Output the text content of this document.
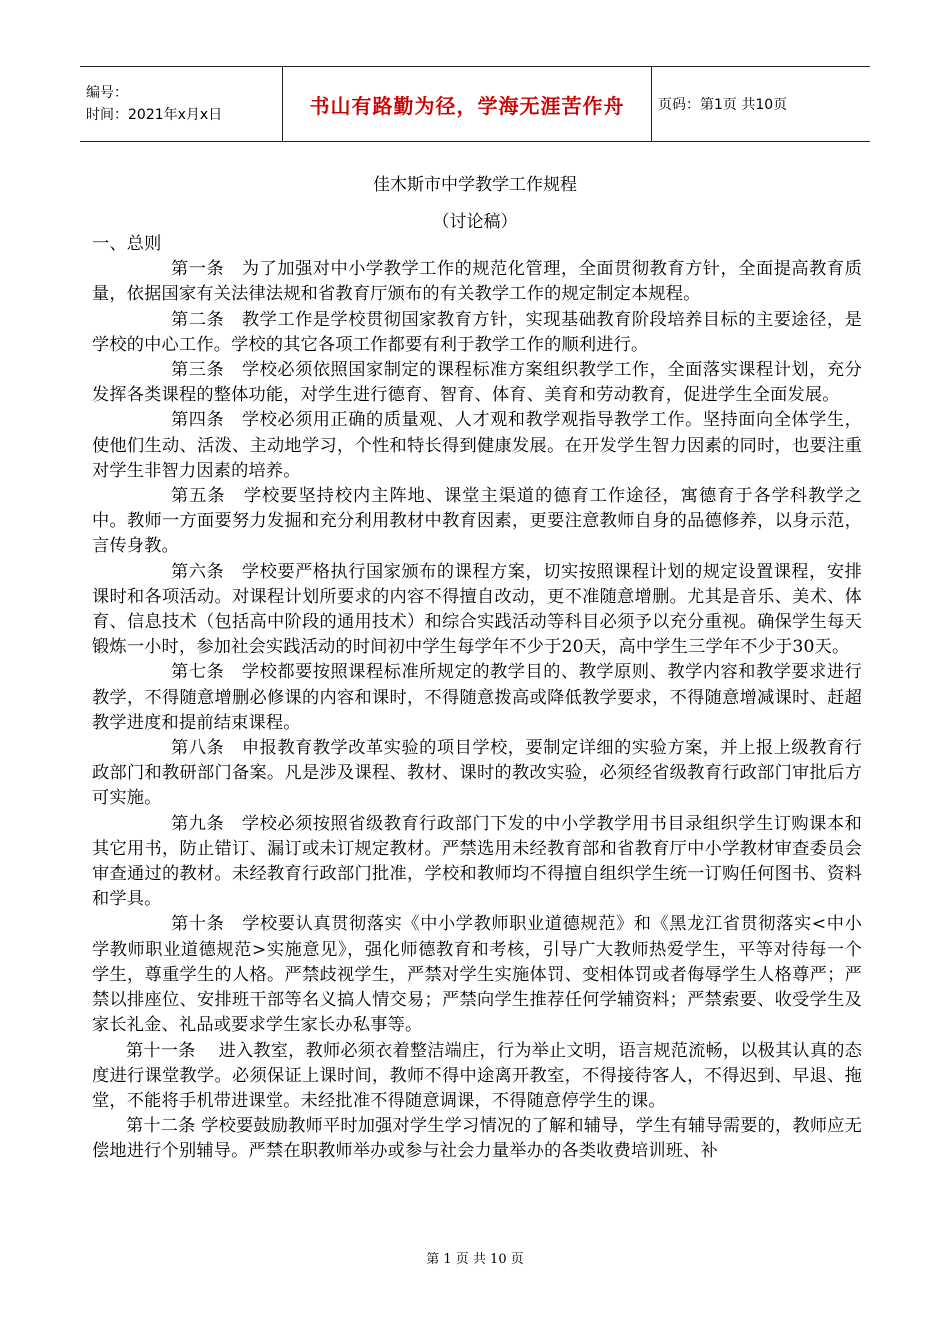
编号：
时间：2021年x月x日	书山有路勤为径，学海无涯苦作舟	页码：第1页 共10页
佳木斯市中学教学工作规程
（讨论稿）

一、总则

第一条　为了加强对中小学教学工作的规范化管理，全面贯彻教育方针，全面提高教育质量，依据国家有关法律法规和省教育厅颁布的有关教学工作的规定制定本规程。

第二条　教学工作是学校贯彻国家教育方针，实现基础教育阶段培养目标的主要途径，是学校的中心工作。学校的其它各项工作都要有利于教学工作的顺利进行。

第三条　学校必须依照国家制定的课程标准方案组织教学工作，全面落实课程计划，充分发挥各类课程的整体功能，对学生进行德育、智育、体育、美育和劳动教育，促进学生全面发展。

第四条　学校必须用正确的质量观、人才观和教学观指导教学工作。坚持面向全体学生，使他们生动、活泼、主动地学习，个性和特长得到健康发展。在开发学生智力因素的同时，也要注重对学生非智力因素的培养。

第五条　学校要坚持校内主阵地、课堂主渠道的德育工作途径，寓德育于各学科教学之中。教师一方面要努力发掘和充分利用教材中教育因素，更要注意教师自身的品德修养，以身示范，言传身教。

第六条　学校要严格执行国家颁布的课程方案，切实按照课程计划的规定设置课程，安排课时和各项活动。对课程计划所要求的内容不得擅自改动，更不准随意增删。尤其是音乐、美术、体育、信息技术（包括高中阶段的通用技术）和综合实践活动等科目必须予以充分重视。确保学生每天锻炼一小时，参加社会实践活动的时间初中学生每学年不少于20天，高中学生三学年不少于30天。

第七条　学校都要按照课程标准所规定的教学目的、教学原则、教学内容和教学要求进行教学，不得随意增删必修课的内容和课时，不得随意拨高或降低教学要求，不得随意增减课时、赶超教学进度和提前结束课程。

第八条　申报教育教学改革实验的项目学校，要制定详细的实验方案，并上报上级教育行政部门和教研部门备案。凡是涉及课程、教材、课时的教改实验，必须经省级教育行政部门审批后方可实施。

第九条　学校必须按照省级教育行政部门下发的中小学教学用书目录组织学生订购课本和其它用书，防止错订、漏订或未订规定教材。严禁选用未经教育部和省教育厅中小学教材审查委员会审查通过的教材。未经教育行政部门批准，学校和教师均不得擅自组织学生统一订购任何图书、资料和学具。

第十条　学校要认真贯彻落实《中小学教师职业道德规范》和《黑龙江省贯彻落实<中小学教师职业道德规范>实施意见》，强化师德教育和考核，引导广大教师热爱学生，平等对待每一个学生，尊重学生的人格。严禁歧视学生，严禁对学生实施体罚、变相体罚或者侮辱学生人格尊严；严禁以排座位、安排班干部等名义搞人情交易；严禁向学生推荐任何学辅资料；严禁索要、收受学生及家长礼金、礼品或要求学生家长办私事等。

第十一条　 进入教室，教师必须衣着整洁端庄，行为举止文明，语言规范流畅，以极其认真的态度进行课堂教学。必须保证上课时间，教师不得中途离开教室，不得接待客人，不得迟到、早退、拖堂，不能将手机带进课堂。未经批准不得随意调课，不得随意停学生的课。

第十二条 学校要鼓励教师平时加强对学生学习情况的了解和辅导，学生有辅导需要的，教师应无偿地进行个别辅导。严禁在职教师举办或参与社会力量举办的各类收费培训班、补

第 1 页 共 10 页
